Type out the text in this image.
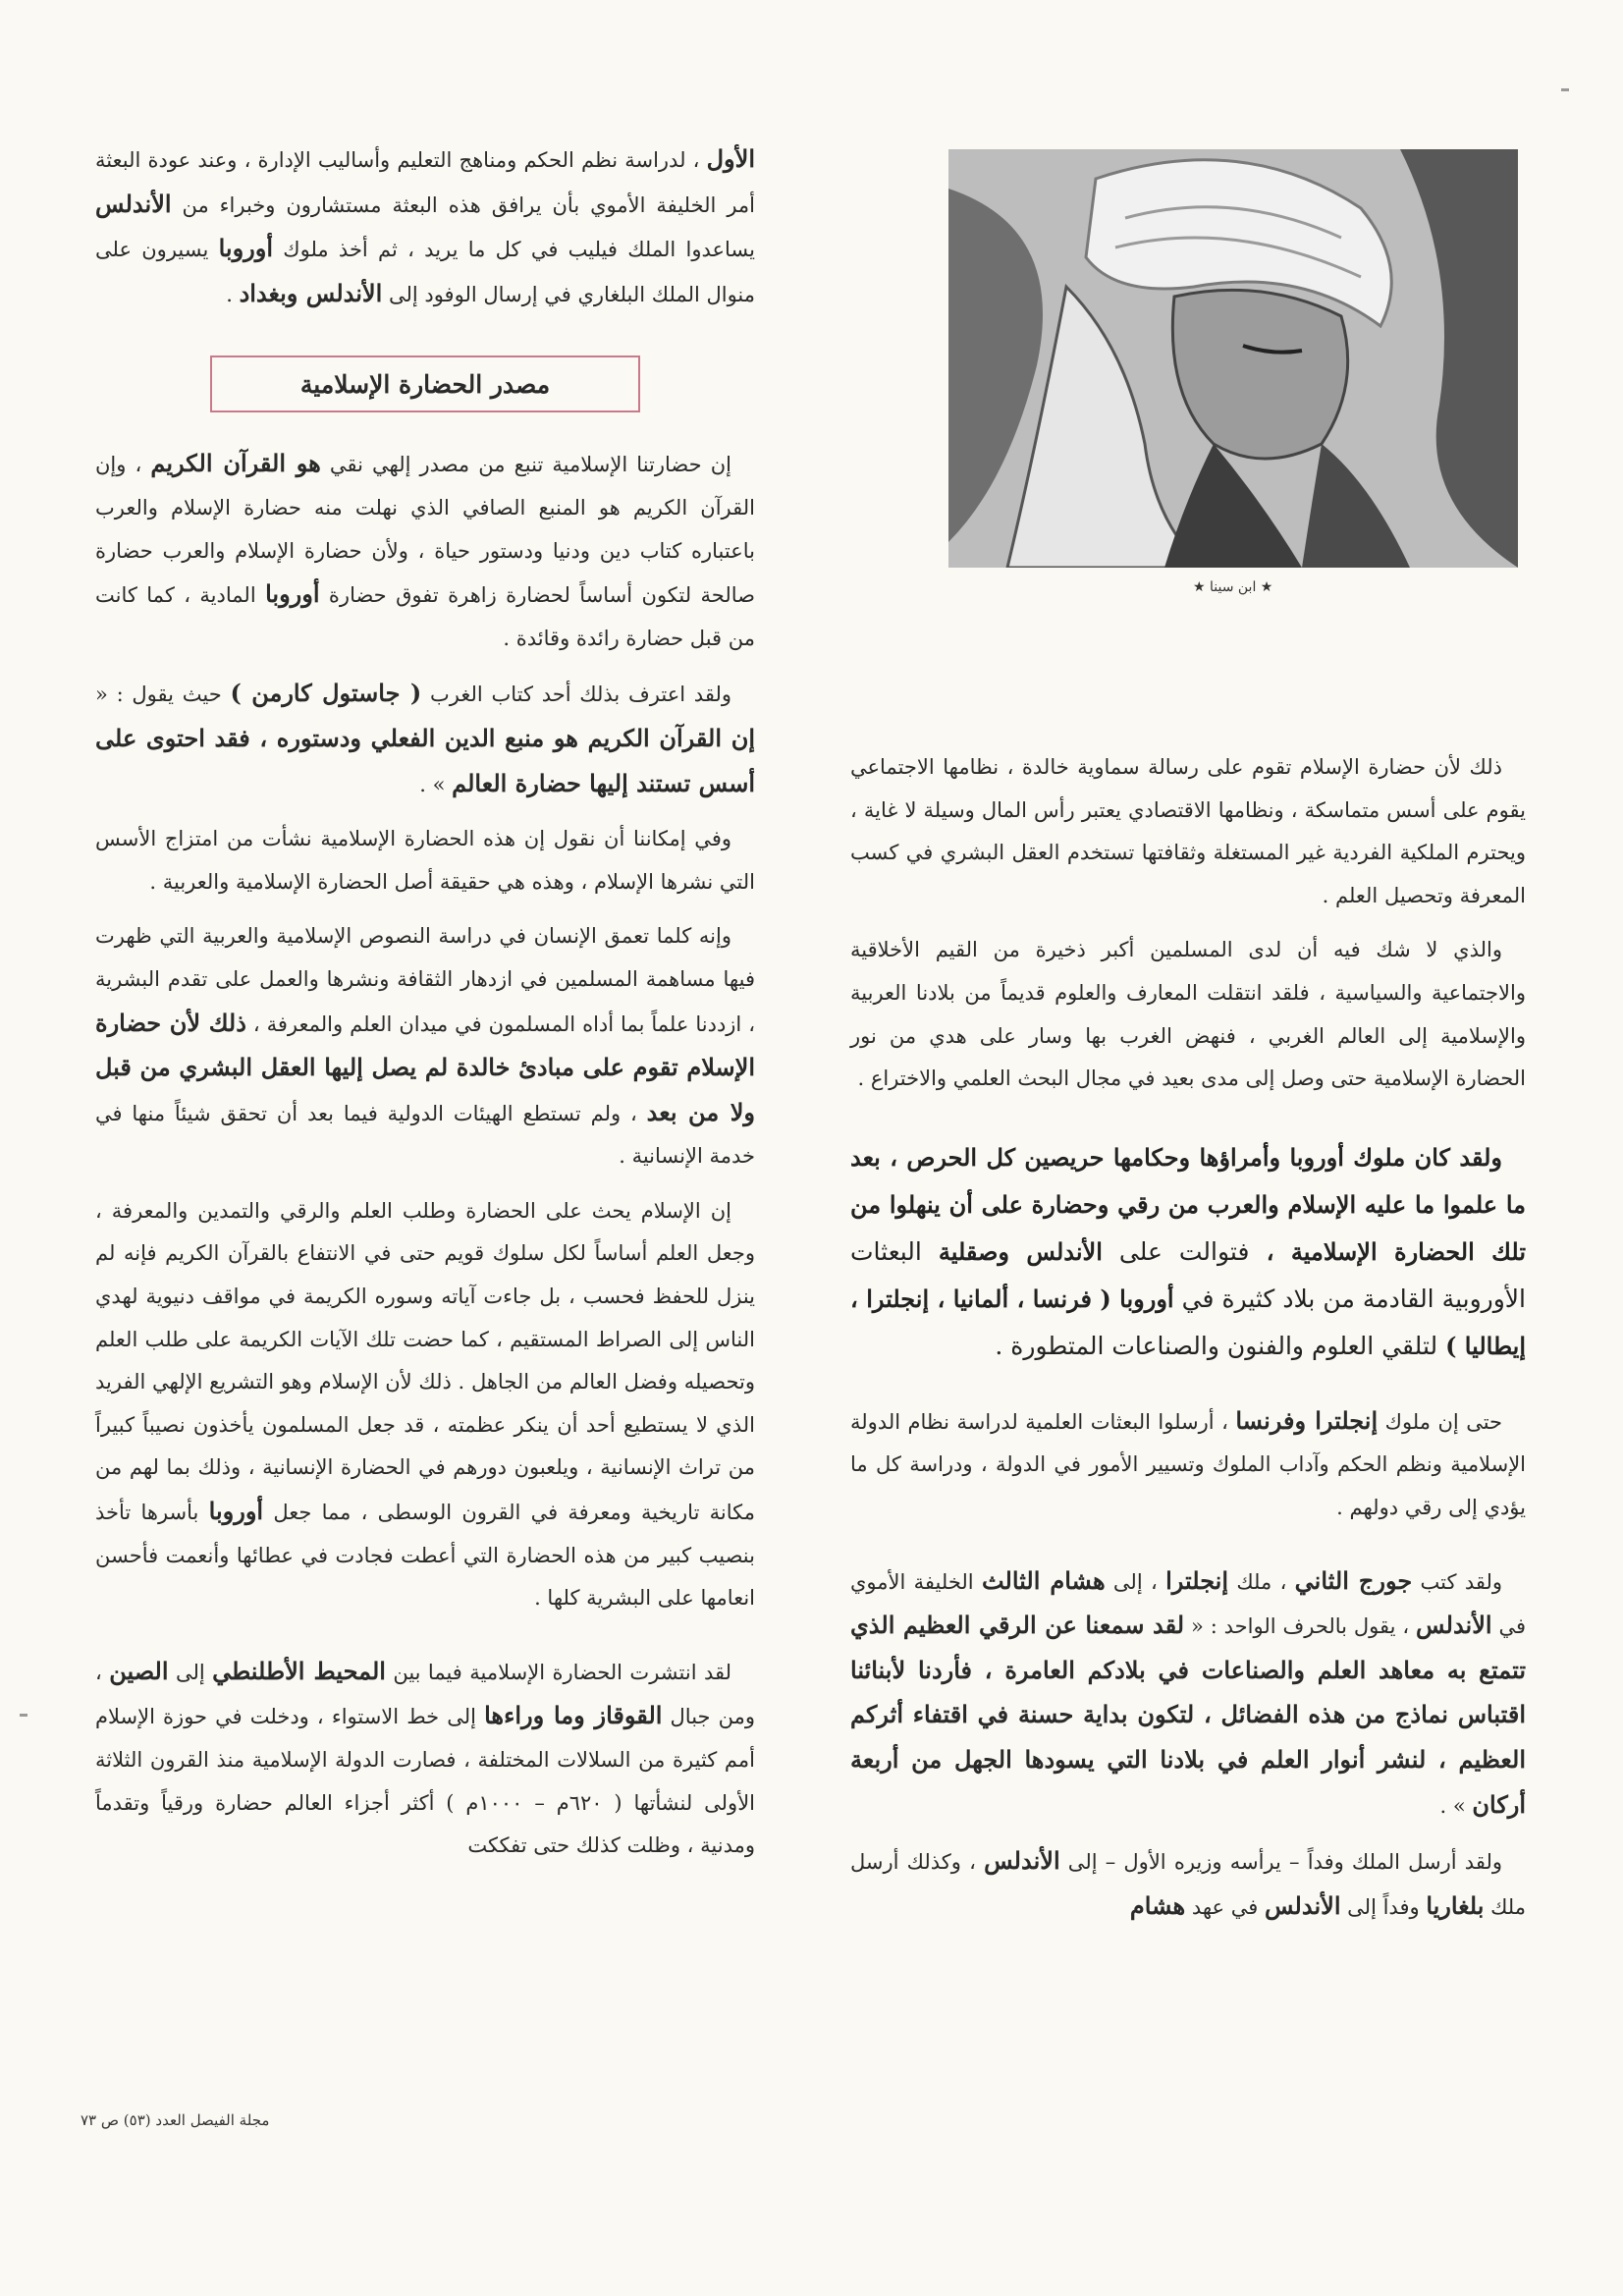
الأول ، لدراسة نظم الحكم ومناهج التعليم وأساليب الإدارة ، وعند عودة البعثة أمر الخليفة الأموي بأن يرافق هذه البعثة مستشارون وخبراء من الأندلس يساعدوا الملك فيليب في كل ما يريد ، ثم أخذ ملوك أوروبا يسيرون على منوال الملك البلغاري في إرسال الوفود إلى الأندلس وبغداد .

مصدر الحضارة الإسلامية

إن حضارتنا الإسلامية تنبع من مصدر إلهي نقي هو القرآن الكريم ، وإن القرآن الكريم هو المنبع الصافي الذي نهلت منه حضارة الإسلام والعرب باعتباره كتاب دين ودنيا ودستور حياة ، ولأن حضارة الإسلام والعرب حضارة صالحة لتكون أساساً لحضارة زاهرة تفوق حضارة أوروبا المادية ، كما كانت من قبل حضارة رائدة وقائدة .

ولقد اعترف بذلك أحد كتاب الغرب ( جاستول كارمن ) حيث يقول : « إن القرآن الكريم هو منبع الدين الفعلي ودستوره ، فقد احتوى على أسس تستند إليها حضارة العالم » .

وفي إمكاننا أن نقول إن هذه الحضارة الإسلامية نشأت من امتزاج الأسس التي نشرها الإسلام ، وهذه هي حقيقة أصل الحضارة الإسلامية والعربية .

وإنه كلما تعمق الإنسان في دراسة النصوص الإسلامية والعربية التي ظهرت فيها مساهمة المسلمين في ازدهار الثقافة ونشرها والعمل على تقدم البشرية ، ازددنا علماً بما أداه المسلمون في ميدان العلم والمعرفة ، ذلك لأن حضارة الإسلام تقوم على مبادئ خالدة لم يصل إليها العقل البشري من قبل ولا من بعد ، ولم تستطع الهيئات الدولية فيما بعد أن تحقق شيئاً منها في خدمة الإنسانية .

إن الإسلام يحث على الحضارة وطلب العلم والرقي والتمدين والمعرفة ، وجعل العلم أساساً لكل سلوك قويم حتى في الانتفاع بالقرآن الكريم فإنه لم ينزل للحفظ فحسب ، بل جاءت آياته وسوره الكريمة في مواقف دنيوية لهدي الناس إلى الصراط المستقيم ، كما حضت تلك الآيات الكريمة على طلب العلم وتحصيله وفضل العالم من الجاهل . ذلك لأن الإسلام وهو التشريع الإلهي الفريد الذي لا يستطيع أحد أن ينكر عظمته ، قد جعل المسلمون يأخذون نصيباً كبيراً من تراث الإنسانية ، ويلعبون دورهم في الحضارة الإنسانية ، وذلك بما لهم من مكانة تاريخية ومعرفة في القرون الوسطى ، مما جعل أوروبا بأسرها تأخذ بنصيب كبير من هذه الحضارة التي أعطت فجادت في عطائها وأنعمت فأحسن انعامها على البشرية كلها .

لقد انتشرت الحضارة الإسلامية فيما بين المحيط الأطلنطي إلى الصين ، ومن جبال القوقاز وما وراءها إلى خط الاستواء ، ودخلت في حوزة الإسلام أمم كثيرة من السلالات المختلفة ، فصارت الدولة الإسلامية منذ القرون الثلاثة الأولى لنشأتها ( ٦٢٠م – ١٠٠٠م ) أكثر أجزاء العالم حضارة ورقياً وتقدماً ومدنية ، وظلت كذلك حتى تفككت

★ ابن سينا ★

ذلك لأن حضارة الإسلام تقوم على رسالة سماوية خالدة ، نظامها الاجتماعي يقوم على أسس متماسكة ، ونظامها الاقتصادي يعتبر رأس المال وسيلة لا غاية ، ويحترم الملكية الفردية غير المستغلة وثقافتها تستخدم العقل البشري في كسب المعرفة وتحصيل العلم .

والذي لا شك فيه أن لدى المسلمين أكبر ذخيرة من القيم الأخلاقية والاجتماعية والسياسية ، فلقد انتقلت المعارف والعلوم قديماً من بلادنا العربية والإسلامية إلى العالم الغربي ، فنهض الغرب بها وسار على هدي من نور الحضارة الإسلامية حتى وصل إلى مدى بعيد في مجال البحث العلمي والاختراع .

ولقد كان ملوك أوروبا وأمراؤها وحكامها حريصين كل الحرص ، بعد ما علموا ما عليه الإسلام والعرب من رقي وحضارة على أن ينهلوا من تلك الحضارة الإسلامية ، فتوالت على الأندلس وصقلية البعثات الأوروبية القادمة من بلاد كثيرة في أوروبا ( فرنسا ، ألمانيا ، إنجلترا ، إيطاليا ) لتلقي العلوم والفنون والصناعات المتطورة .

حتى إن ملوك إنجلترا وفرنسا ، أرسلوا البعثات العلمية لدراسة نظام الدولة الإسلامية ونظم الحكم وآداب الملوك وتسيير الأمور في الدولة ، ودراسة كل ما يؤدي إلى رقي دولهم .

ولقد كتب جورج الثاني ، ملك إنجلترا ، إلى هشام الثالث الخليفة الأموي في الأندلس ، يقول بالحرف الواحد : « لقد سمعنا عن الرقي العظيم الذي تتمتع به معاهد العلم والصناعات في بلادكم العامرة ، فأردنا لأبنائنا اقتباس نماذج من هذه الفضائل ، لتكون بداية حسنة في اقتفاء أثركم العظيم ، لنشر أنوار العلم في بلادنا التي يسودها الجهل من أربعة أركان » .

ولقد أرسل الملك وفداً – يرأسه وزيره الأول – إلى الأندلس ، وكذلك أرسل ملك بلغاريا وفداً إلى الأندلس في عهد هشام

مجلة الفيصل العدد (٥٣) ص ٧٣
